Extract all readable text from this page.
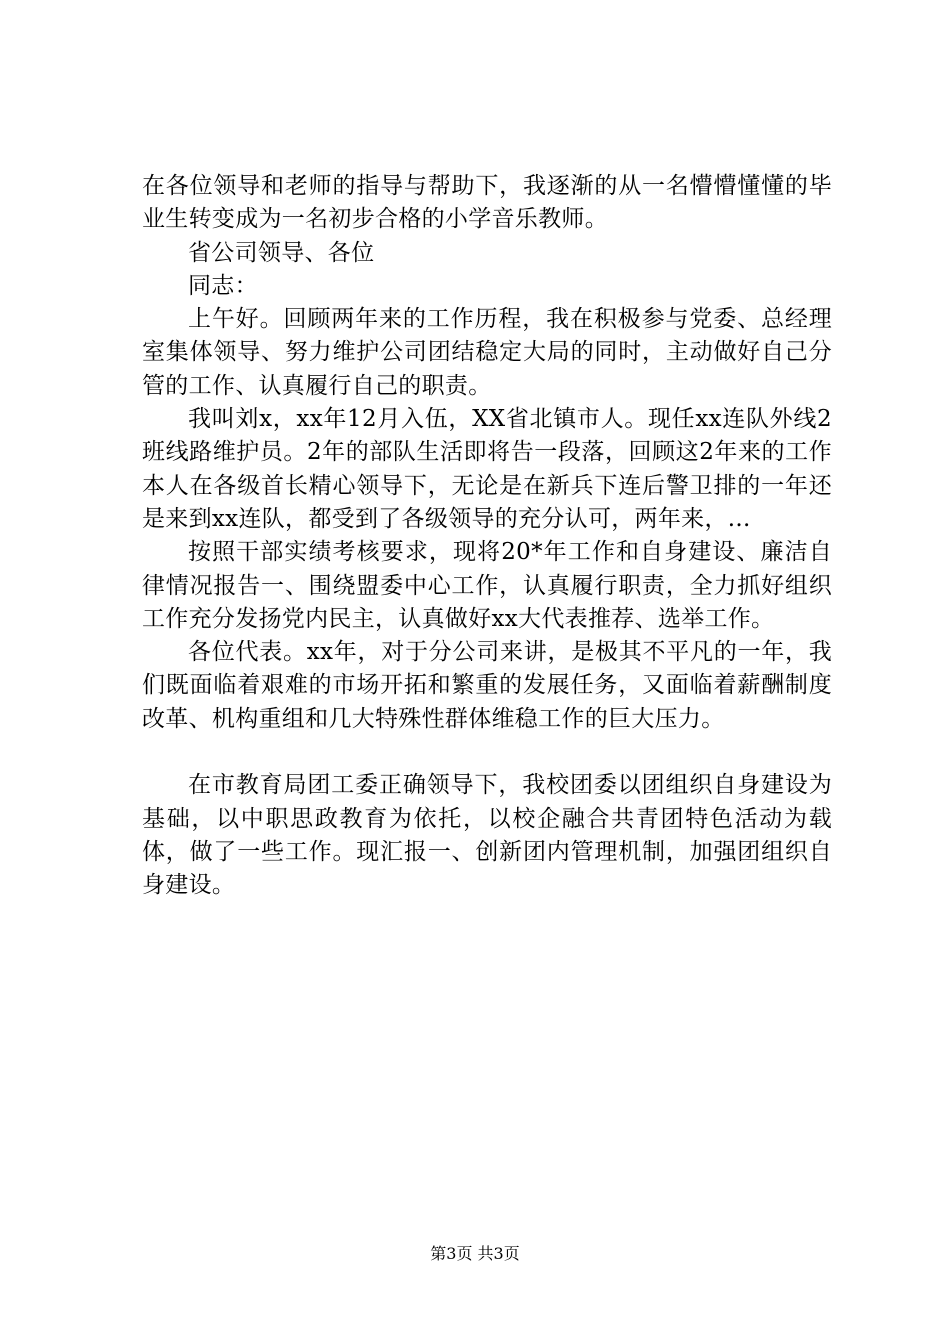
在各位领导和老师的指导与帮助下，我逐渐的从一名懵懵懂懂的毕业生转变成为一名初步合格的小学音乐教师。

省公司领导、各位

同志：

上午好。回顾两年来的工作历程，我在积极参与党委、总经理室集体领导、努力维护公司团结稳定大局的同时，主动做好自己分管的工作、认真履行自己的职责。

我叫刘x，xx年12月入伍，XX省北镇市人。现任xx连队外线2班线路维护员。2年的部队生活即将告一段落，回顾这2年来的工作本人在各级首长精心领导下，无论是在新兵下连后警卫排的一年还是来到xx连队，都受到了各级领导的充分认可，两年来，...

按照干部实绩考核要求，现将20*年工作和自身建设、廉洁自律情况报告一、围绕盟委中心工作，认真履行职责，全力抓好组织工作充分发扬党内民主，认真做好xx大代表推荐、选举工作。

各位代表。xx年，对于分公司来讲，是极其不平凡的一年，我们既面临着艰难的市场开拓和繁重的发展任务，又面临着薪酬制度改革、机构重组和几大特殊性群体维稳工作的巨大压力。

在市教育局团工委正确领导下，我校团委以团组织自身建设为基础，以中职思政教育为依托，以校企融合共青团特色活动为载体，做了一些工作。现汇报一、创新团内管理机制，加强团组织自身建设。

第3页 共3页
